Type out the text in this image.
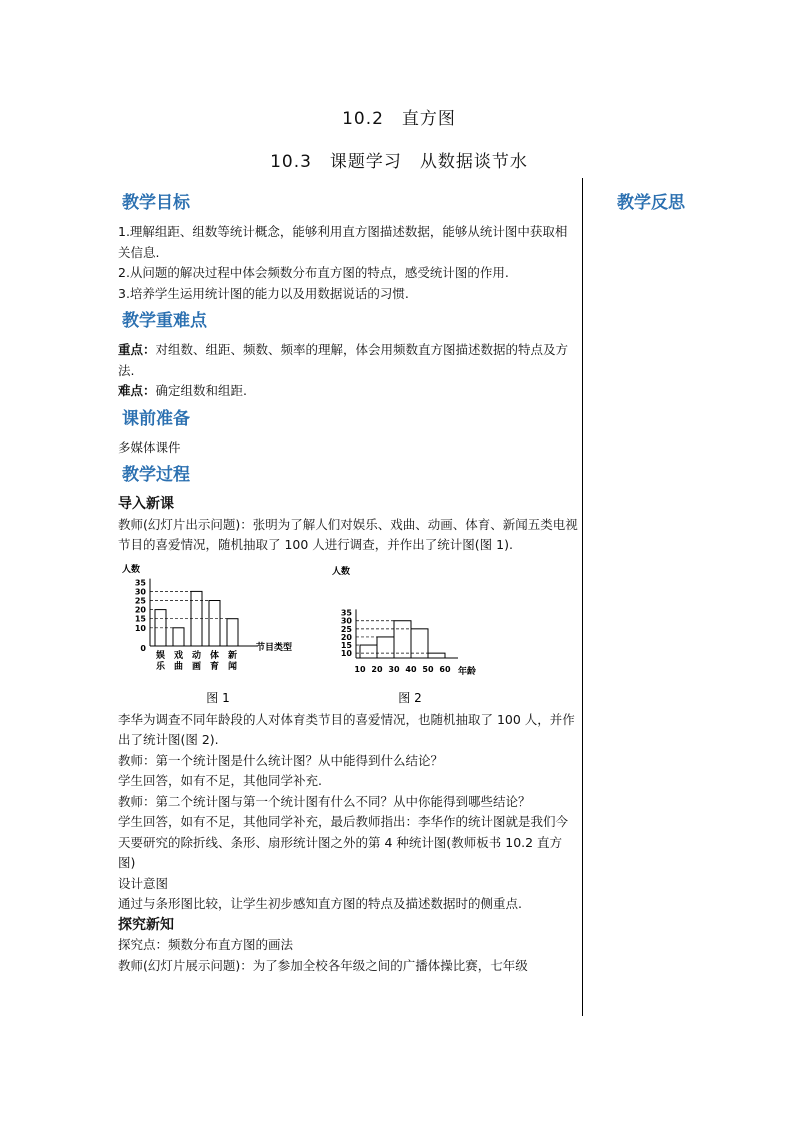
10.2　直方图
10.3　课题学习　从数据谈节水
教学反思
教学目标

1.理解组距、组数等统计概念，能够利用直方图描述数据，能够从统计图中获取相关信息.

2.从问题的解决过程中体会频数分布直方图的特点，感受统计图的作用.

3.培养学生运用统计图的能力以及用数据说话的习惯.

教学重难点

重点：对组数、组距、频数、频率的理解，体会用频数直方图描述数据的特点及方法.

难点：确定组数和组距.

课前准备

多媒体课件

教学过程
导入新课

教师(幻灯片出示问题)：张明为了解人们对娱乐、戏曲、动画、体育、新闻五类电视节目的喜爱情况，随机抽取了 100 人进行调查，并作出了统计图(图 1).

人数
节目类型
0
10
15
20
25
30
35
娱
乐
戏
曲
动
画
体
育
新
闻
图 1
人数
年龄
10
15
20
25
30
35
10 20 30 40 50 60
图 2

李华为调查不同年龄段的人对体育类节目的喜爱情况，也随机抽取了 100 人，并作出了统计图(图 2).

教师：第一个统计图是什么统计图？从中能得到什么结论？

学生回答，如有不足，其他同学补充.

教师：第二个统计图与第一个统计图有什么不同？从中你能得到哪些结论？

学生回答，如有不足，其他同学补充，最后教师指出：李华作的统计图就是我们今天要研究的除折线、条形、扇形统计图之外的第 4 种统计图(教师板书 10.2 直方图)

设计意图

通过与条形图比较，让学生初步感知直方图的特点及描述数据时的侧重点.

探究新知

探究点：频数分布直方图的画法

教师(幻灯片展示问题)：为了参加全校各年级之间的广播体操比赛，七年级
